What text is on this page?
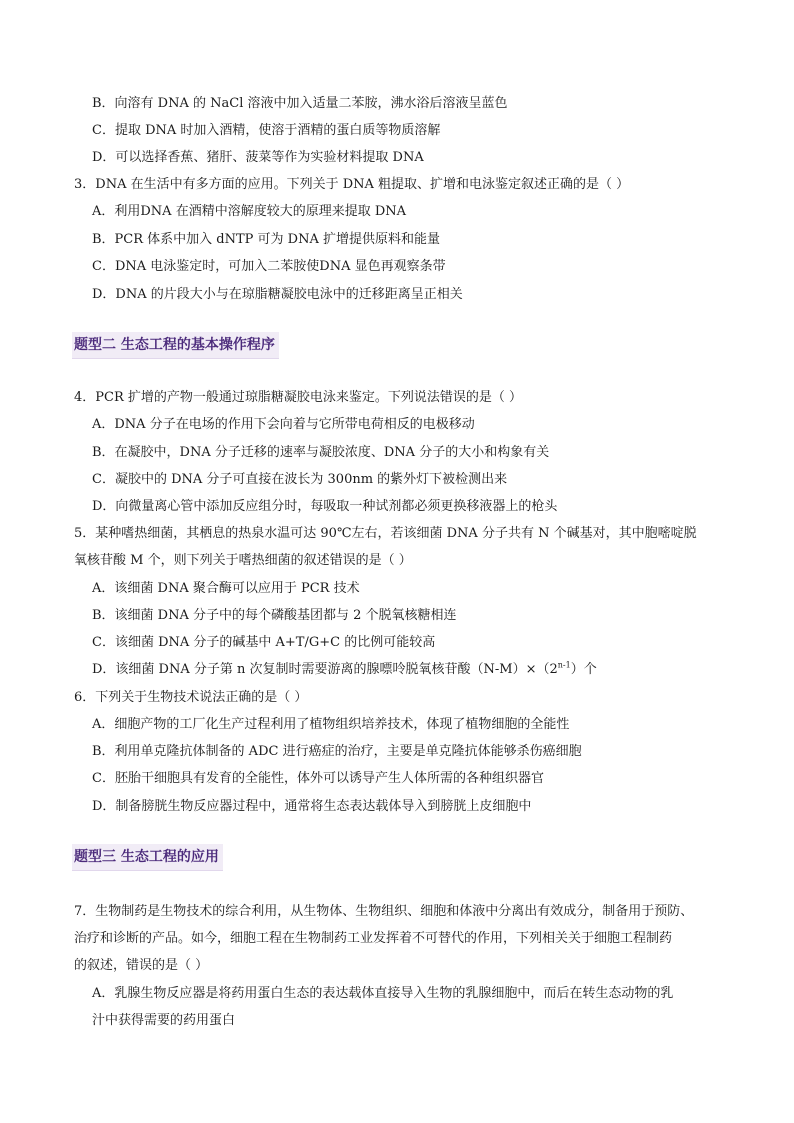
B．向溶有 DNA 的 NaCl 溶液中加入适量二苯胺，沸水浴后溶液呈蓝色
C．提取 DNA 时加入酒精，使溶于酒精的蛋白质等物质溶解
D．可以选择香蕉、猪肝、菠菜等作为实验材料提取 DNA
3．DNA 在生活中有多方面的应用。下列关于 DNA 粗提取、扩增和电泳鉴定叙述正确的是（ ）
A．利用DNA 在酒精中溶解度较大的原理来提取 DNA
B．PCR 体系中加入 dNTP 可为 DNA 扩增提供原料和能量
C．DNA 电泳鉴定时，可加入二苯胺使DNA 显色再观察条带
D．DNA 的片段大小与在琼脂糖凝胶电泳中的迁移距离呈正相关
题型二 生态工程的基本操作程序
4．PCR 扩增的产物一般通过琼脂糖凝胶电泳来鉴定。下列说法错误的是（ ）
A．DNA 分子在电场的作用下会向着与它所带电荷相反的电极移动
B．在凝胶中，DNA 分子迁移的速率与凝胶浓度、DNA 分子的大小和构象有关
C．凝胶中的 DNA 分子可直接在波长为 300nm 的紫外灯下被检测出来
D．向微量离心管中添加反应组分时，每吸取一种试剂都必须更换移液器上的枪头
5．某种嗜热细菌，其栖息的热泉水温可达 90℃左右，若该细菌 DNA 分子共有 N 个碱基对，其中胞嘧啶脱
氧核苷酸 M 个，则下列关于嗜热细菌的叙述错误的是（ ）
A．该细菌 DNA 聚合酶可以应用于 PCR 技术
B．该细菌 DNA 分子中的每个磷酸基团都与 2 个脱氧核糖相连
C．该细菌 DNA 分子的碱基中 A+T/G+C 的比例可能较高
D．该细菌 DNA 分子第 n 次复制时需要游离的腺嘌呤脱氧核苷酸$(N-M)\times(2^{n-1})$个
6．下列关于生物技术说法正确的是（ ）
A．细胞产物的工厂化生产过程利用了植物组织培养技术，体现了植物细胞的全能性
B．利用单克隆抗体制备的 ADC 进行癌症的治疗，主要是单克隆抗体能够杀伤癌细胞
C．胚胎干细胞具有发育的全能性，体外可以诱导产生人体所需的各种组织器官
D．制备膀胱生物反应器过程中，通常将生态表达载体导入到膀胱上皮细胞中
题型三 生态工程的应用
7．生物制药是生物技术的综合利用，从生物体、生物组织、细胞和体液中分离出有效成分，制备用于预防、
治疗和诊断的产品。如今，细胞工程在生物制药工业发挥着不可替代的作用，下列相关关于细胞工程制药
的叙述，错误的是（ ）
A．乳腺生物反应器是将药用蛋白生态的表达载体直接导入生物的乳腺细胞中，而后在转生态动物的乳
汁中获得需要的药用蛋白
